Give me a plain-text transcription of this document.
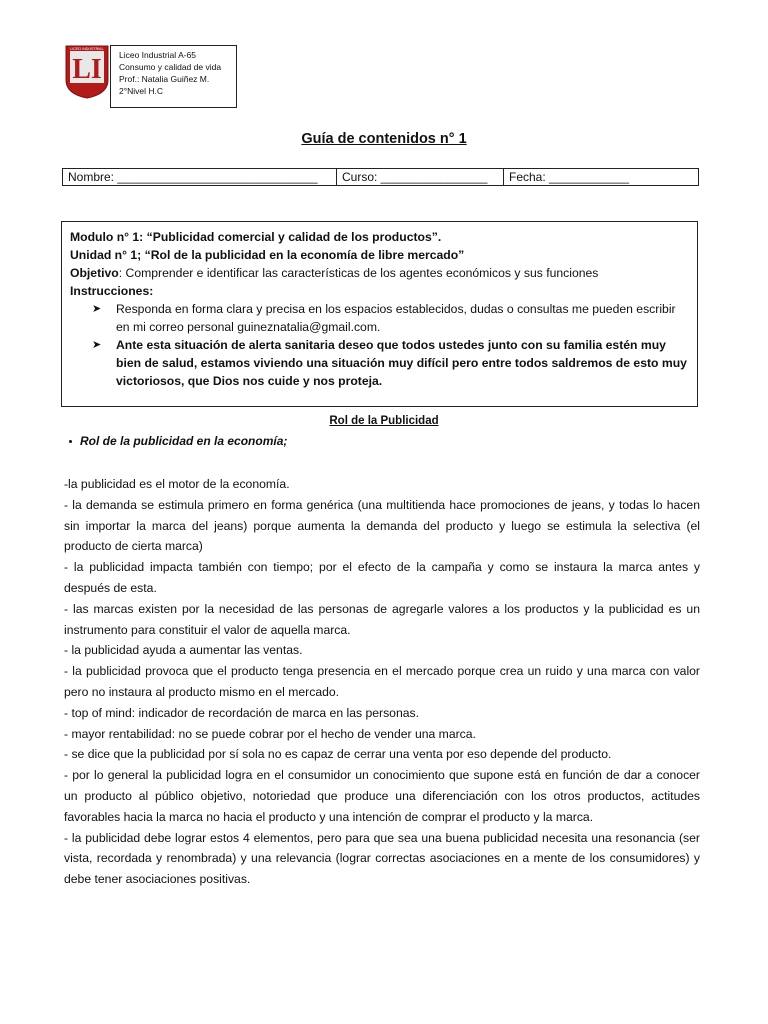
LI
LICEO INDUSTRIAL
Liceo Industrial A-65
Consumo y calidad de vida
Prof.: Natalia Guiñez M.
2°Nivel H.C
Guía de contenidos n° 1
Nombre: ______________________________	Curso: ________________	Fecha: ____________
Modulo n° 1: “Publicidad comercial y calidad de los productos”.
Unidad n° 1; “Rol de la publicidad en la economía de libre mercado”
Objetivo: Comprender e identificar las características de los agentes económicos y sus funciones
Instrucciones:
➤	Responda en forma clara y precisa en los espacios establecidos, dudas o consultas me pueden escribir en mi correo personal guineznatalia@gmail.com.
➤	Ante esta situación de alerta sanitaria deseo que todos ustedes junto con su familia estén muy bien de salud, estamos viviendo una situación muy difícil pero entre todos saldremos de esto muy victoriosos, que Dios nos cuide y nos proteja.
Rol de la Publicidad
Rol de la publicidad en la economía;

-la publicidad es el motor de la economía.

- la demanda se estimula primero en forma genérica (una multitienda hace promociones de jeans, y todas lo hacen sin importar la marca del jeans) porque aumenta la demanda del producto y luego se estimula la selectiva (el producto de cierta marca)

- la publicidad impacta también con tiempo; por el efecto de la campaña y como se instaura la marca antes y después de esta.

- las marcas existen por la necesidad de las personas de agregarle valores a los productos y la publicidad es un instrumento para constituir el valor de aquella marca.

- la publicidad ayuda a aumentar las ventas.

- la publicidad provoca que el producto tenga presencia en el mercado porque crea un ruido y una marca con valor pero no instaura al producto mismo en el mercado.

- top of mind: indicador de recordación de marca en las personas.

- mayor rentabilidad: no se puede cobrar por el hecho de vender una marca.

- se dice que la publicidad por sí sola no es capaz de cerrar una venta por eso depende del producto.

- por lo general la publicidad logra en el consumidor un conocimiento que supone está en función de dar a conocer un producto al público objetivo, notoriedad que produce una diferenciación con los otros productos, actitudes favorables hacia la marca no hacia el producto y una intención de comprar el producto y la marca.

- la publicidad debe lograr estos 4 elementos, pero para que sea una buena publicidad necesita una resonancia (ser vista, recordada y renombrada) y una relevancia (lograr correctas asociaciones en a mente de los consumidores) y debe tener asociaciones positivas.
